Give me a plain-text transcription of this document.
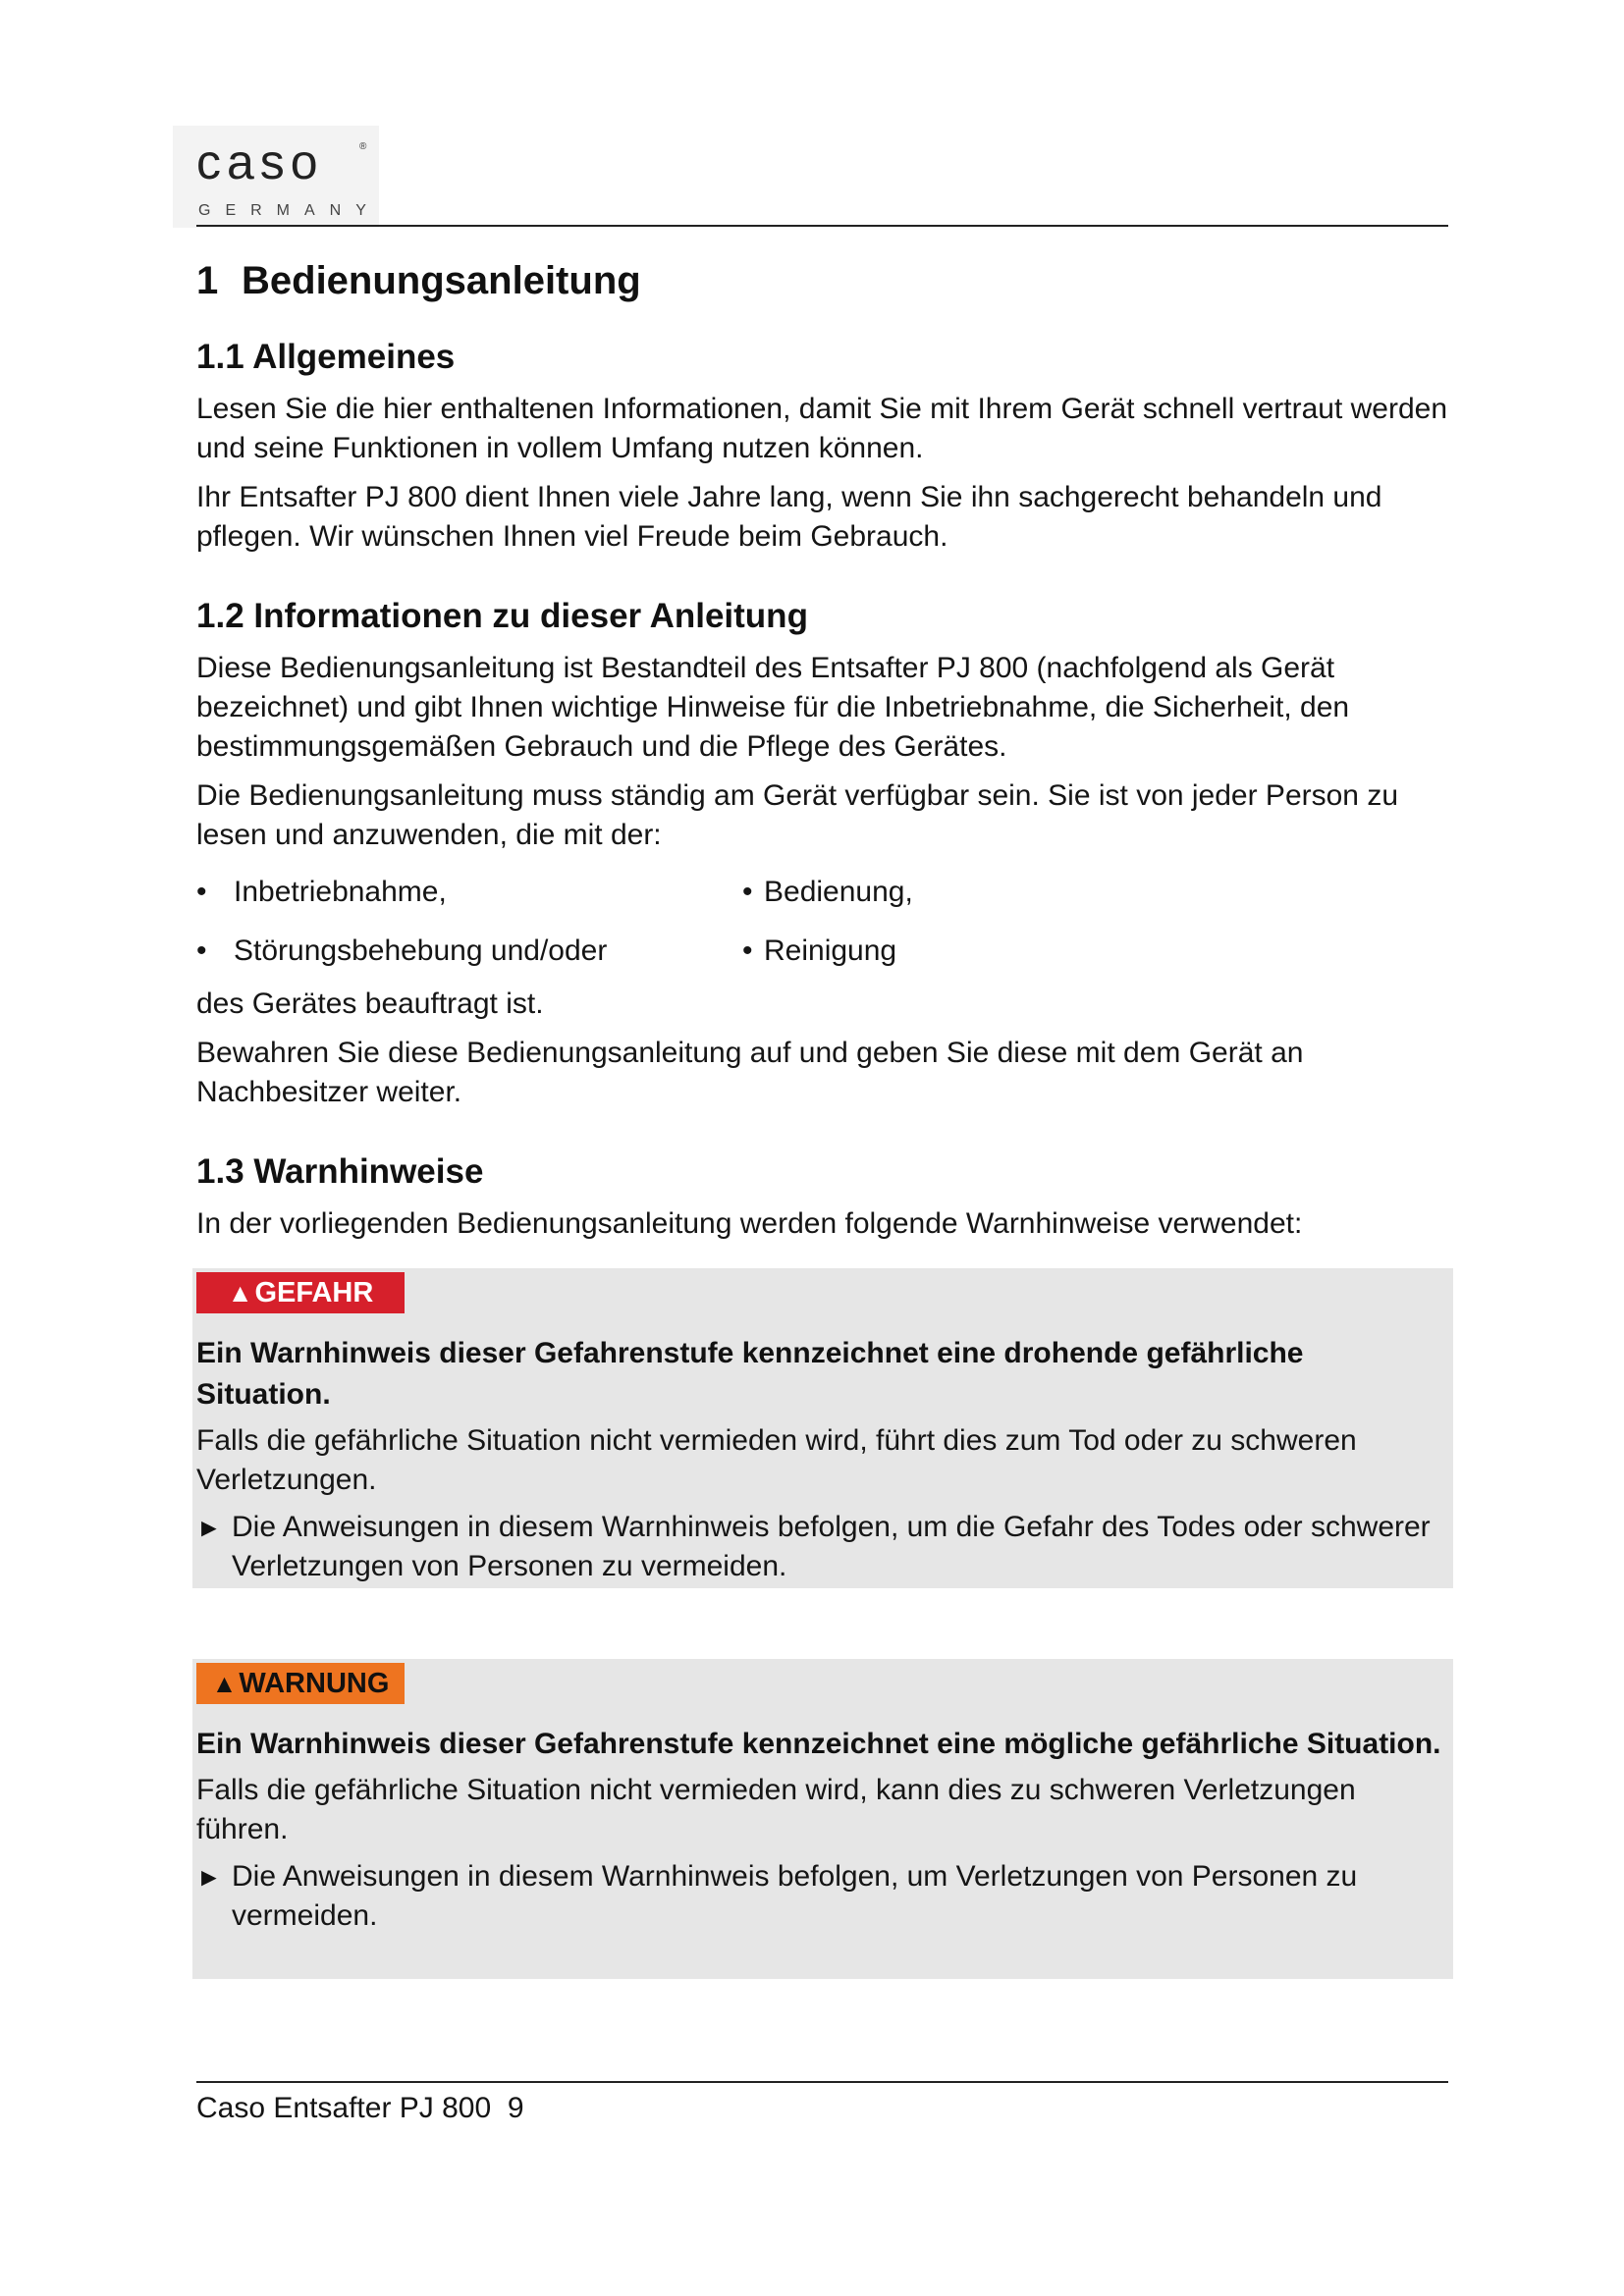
caso	®
GERMANY
1 Bedienungsanleitung
1.1 Allgemeines

Lesen Sie die hier enthaltenen Informationen, damit Sie mit Ihrem Gerät schnell vertraut werden und seine Funktionen in vollem Umfang nutzen können.

Ihr Entsafter PJ 800 dient Ihnen viele Jahre lang, wenn Sie ihn sachgerecht behandeln und pflegen. Wir wünschen Ihnen viel Freude beim Gebrauch.

1.2 Informationen zu dieser Anleitung

Diese Bedienungsanleitung ist Bestandteil des Entsafter PJ 800 (nachfolgend als Gerät bezeichnet) und gibt Ihnen wichtige Hinweise für die Inbetriebnahme, die Sicherheit, den bestimmungsgemäßen Gebrauch und die Pflege des Gerätes.

Die Bedienungsanleitung muss ständig am Gerät verfügbar sein. Sie ist von jeder Person zu lesen und anzuwenden, die mit der:

• Inbetriebnahme,	• Bedienung,
• Störungsbehebung und/oder	• Reinigung

des Gerätes beauftragt ist.

Bewahren Sie diese Bedienungsanleitung auf und geben Sie diese mit dem Gerät an Nachbesitzer weiter.

1.3 Warnhinweise

In der vorliegenden Bedienungsanleitung werden folgende Warnhinweise verwendet:

▲GEFAHR
Ein Warnhinweis dieser Gefahrenstufe kennzeichnet eine drohende gefährliche Situation.

Falls die gefährliche Situation nicht vermieden wird, führt dies zum Tod oder zu schweren Verletzungen.

► Die Anweisungen in diesem Warnhinweis befolgen, um die Gefahr des Todes oder schwerer Verletzungen von Personen zu vermeiden.

▲WARNUNG
Ein Warnhinweis dieser Gefahrenstufe kennzeichnet eine mögliche gefährliche Situation.

Falls die gefährliche Situation nicht vermieden wird, kann dies zu schweren Verletzungen führen.

► Die Anweisungen in diesem Warnhinweis befolgen, um Verletzungen von Personen zu vermeiden.

Caso Entsafter PJ 800  9
